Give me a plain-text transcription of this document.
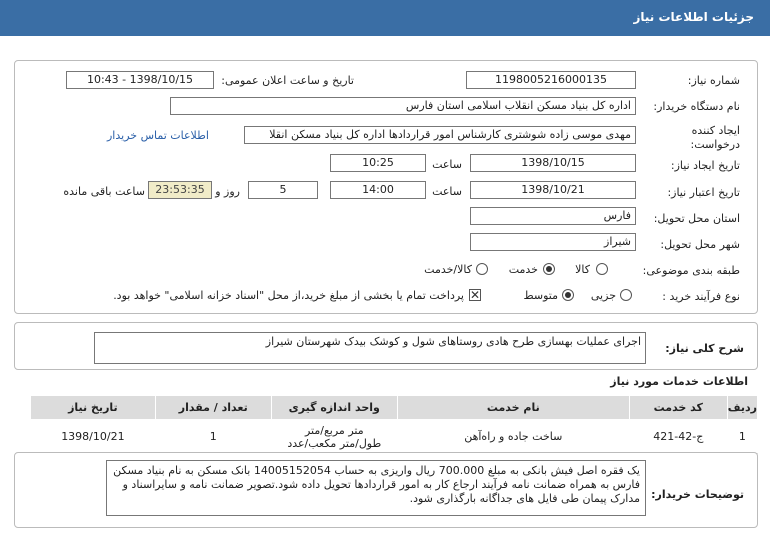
جزئیات اطلاعات نیاز
شماره نیاز:
1198005216000135
تاریخ و ساعت اعلان عمومی:
1398/10/15 - 10:43
نام دستگاه خریدار:
اداره کل بنیاد مسکن انقلاب اسلامی استان فارس
ایجاد کننده درخواست:
مهدی موسی زاده شوشتری کارشناس امور قراردادها اداره کل بنیاد مسکن انقلا
اطلاعات تماس خریدار
تاریخ ایجاد نیاز:
1398/10/15
ساعت
10:25
تاریخ اعتبار نیاز:
1398/10/21
ساعت
14:00
5
روز و
23:53:35
ساعت باقی مانده
استان محل تحویل:
فارس
شهر محل تحویل:
شیراز
طبقه بندی موضوعی:
کالا
خدمت
کالا/خدمت
نوع فرآیند خرید :
جزیی
متوسط
✕
پرداخت تمام یا بخشی از مبلغ خرید،از محل "اسناد خزانه اسلامی" خواهد بود.
شرح کلی نیاز:
اجرای عملیات بهسازی طرح هادی روستاهای شول و کوشک بیدک شهرستان شیراز
اطلاعات خدمات مورد نیاز
ردیف	کد خدمت	نام خدمت	واحد اندازه گیری	تعداد / مقدار	تاریخ نیاز
1	ج-42-421	ساخت جاده و راه‌آهن	متر مربع/متر
طول/متر مکعب/عدد	1	1398/10/21
توضیحات خریدار:
یک فقره اصل فیش بانکی به مبلغ 700.000 ریال واریزی به حساب 14005152054 بانک مسکن به نام بنیاد مسکن فارس به همراه ضمانت نامه فرآیند ارجاع کار به امور قراردادها تحویل داده شود.تصویر ضمانت نامه و سایراسناد و مدارک پیمان طی فایل های جداگانه بارگذاری شود.
